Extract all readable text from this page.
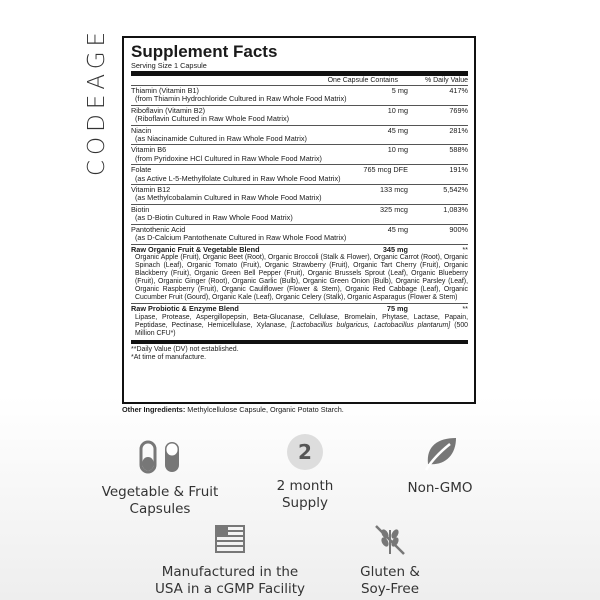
CODEAGE Supplement Facts
Serving Size 1 Capsule
One Capsule Contains	% Daily Value
Thiamin (Vitamin B1)	5 mg	417%
(from Thiamin Hydrochloride Cultured in Raw Whole Food Matrix)
Riboflavin (Vitamin B2)	10 mg	769%
(Riboflavin Cultured in Raw Whole Food Matrix)
Niacin	45 mg	281%
(as Niacinamide Cultured in Raw Whole Food Matrix)
Vitamin B6	10 mg	588%
(from Pyridoxine HCl Cultured in Raw Whole Food Matrix)
Folate	765 mcg DFE	191%
(as Active L-5-Methylfolate Cultured in Raw Whole Food Matrix)
Vitamin B12	133 mcg	5,542%
(as Methylcobalamin Cultured in Raw Whole Food Matrix)
Biotin	325 mcg	1,083%
(as D-Biotin Cultured in Raw Whole Food Matrix)
Pantothenic Acid	45 mg	900%
(as D-Calcium Pantothenate Cultured in Raw Whole Food Matrix)
Raw Organic Fruit & Vegetable Blend	345 mg	**
Organic Apple (Fruit), Organic Beet (Root), Organic Broccoli (Stalk & Flower), Organic Carrot (Root), Organic Spinach (Leaf), Organic Tomato (Fruit), Organic Strawberry (Fruit), Organic Tart Cherry (Fruit), Organic Blackberry (Fruit), Organic Green Bell Pepper (Fruit), Organic Brussels Sprout (Leaf), Organic Blueberry (Fruit), Organic Ginger (Root), Organic Garlic (Bulb), Organic Green Onion (Bulb), Organic Parsley (Leaf), Organic Raspberry (Fruit), Organic Cauliflower (Flower & Stem), Organic Red Cabbage (Leaf), Organic Cucumber Fruit (Gourd), Organic Kale (Leaf), Organic Celery (Stalk), Organic Asparagus (Flower & Stem)
Raw Probiotic & Enzyme Blend	75 mg	**
Lipase, Protease, Aspergillopepsin, Beta-Glucanase, Cellulase, Bromelain, Phytase, Lactase, Papain, Peptidase, Pectinase, Hemicellulase, Xylanase, [Lactobacillus bulgaricus, Lactobacillus plantarum] (500 Million CFU*)
**Daily Value (DV) not established.
*At time of manufacture.
Other Ingredients: Methylcellulose Capsule, Organic Potato Starch.
Vegetable & Fruit
Capsules
2
2 month
Supply
Non-GMO
Manufactured in the
USA in a cGMP Facility
Gluten &
Soy-Free
